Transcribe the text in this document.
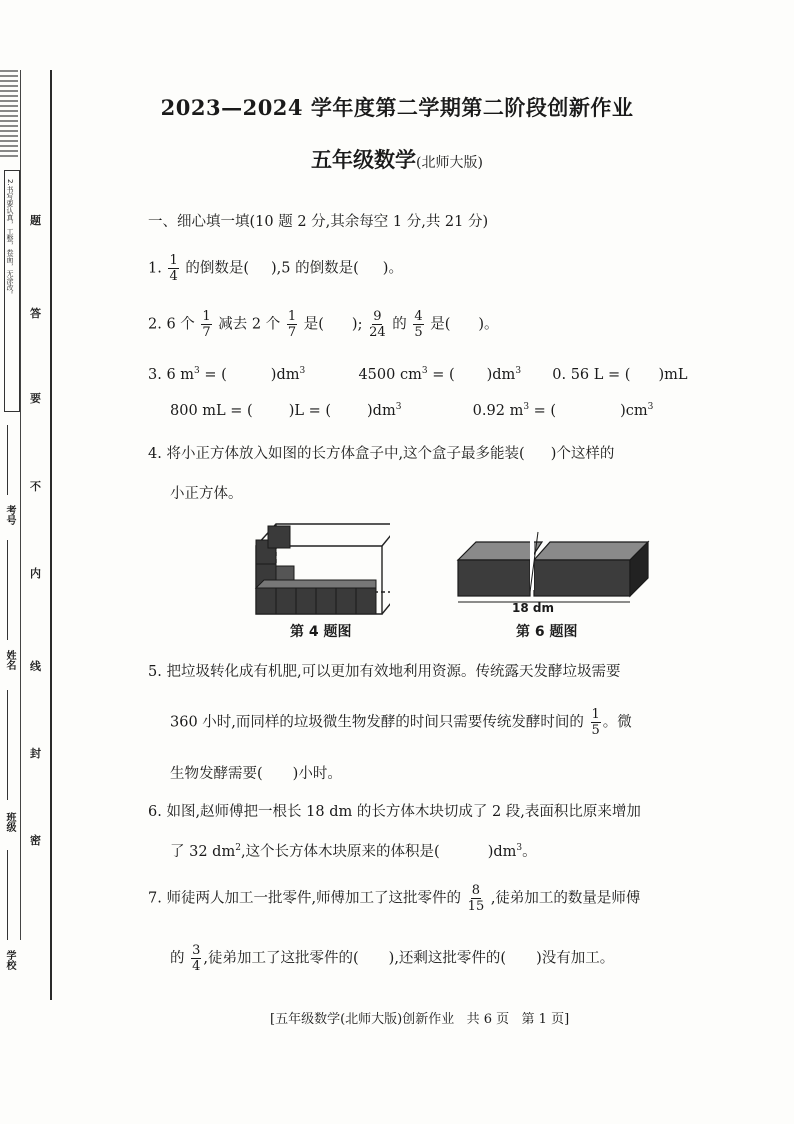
2.书写要认真，工整，卷面，无涂改。
考号
姓名
班级
学校
题
答
要
不
内
线
封
密
2023—2024 学年度第二学期第二阶段创新作业
五年级数学(北师大版)
一、细心填一填(10 题 2 分,其余每空 1 分,共 21 分)
1. $\frac{1}{4}$ 的倒数是( ),5 的倒数是( )。
2. 6 个 $\frac{1}{7}$ 减去 2 个 $\frac{1}{7}$ 是( ); $\frac{9}{24}$ 的 $\frac{4}{5}$ 是( )。
3. 6 $m^3$ = (	)$dm^3$	4500 $cm^3$ = ( )$dm^3$ 0. 56 L = ( )mL
800 mL = ( )L = ( )$dm^3$	0.92 $m^3$ = (	)$cm^3$
4. 将小正方体放入如图的长方体盒子中,这个盒子最多能装( )个这样的
小正方体。
第 4 题图
18 dm
第 6 题图
5. 把垃圾转化成有机肥,可以更加有效地利用资源。传统露天发酵垃圾需要
360 小时,而同样的垃圾微生物发酵的时间只需要传统发酵时间的 $\frac{1}{5}$ 。微
生物发酵需要( )小时。
6. 如图,赵师傅把一根长 18 dm 的长方体木块切成了 2 段,表面积比原来增加
了 32 $dm^2$,这个长方体木块原来的体积是(	)$dm^3$。
7. 师徒两人加工一批零件,师傅加工了这批零件的 $\frac{8}{15}$ ,徒弟加工的数量是师傅
的 $\frac{3}{4}$ ,徒弟加工了这批零件的( ),还剩这批零件的( )没有加工。
[五年级数学(北师大版)创新作业   共 6 页   第 1 页]
